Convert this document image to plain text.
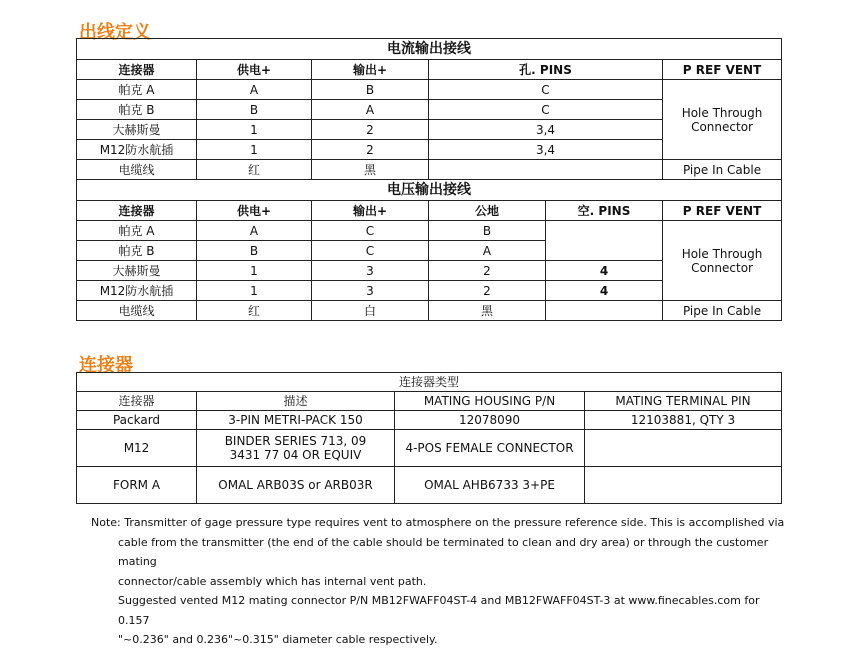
出线定义
电流输出接线					
连接器	供电+	输出+	孔. PINS		P REF VENT
帕克 A	A	B	C		Hole Through Connector
帕克 B	B	A	C		
大赫斯曼	1	2	3,4		
M12防水航插	1	2	3,4		
电缆线	红	黑			Pipe In Cable
电压输出接线					
连接器	供电+	输出+	公地	空. PINS	P REF VENT
帕克 A	A	C	B		Hole Through Connector
帕克 B	B	C	A		
大赫斯曼	1	3	2	4	
M12防水航插	1	3	2	4	
电缆线	红	白	黑		Pipe In Cable
连接器
连接器类型			
连接器	描述	MATING HOUSING P/N	MATING TERMINAL PIN
Packard	3-PIN METRI-PACK 150	12078090	12103881, QTY 3
M12	BINDER SERIES 713, 09 3431 77 04 OR EQUIV	4-POS FEMALE CONNECTOR	
FORM A	OMAL ARB03S or ARB03R	OMAL AHB6733 3+PE	
Note: Transmitter of gage pressure type requires vent to atmosphere on the pressure reference side. This is accomplished via
cable from the transmitter (the end of the cable should be terminated to clean and dry area) or through the customer mating
connector/cable assembly which has internal vent path.
Suggested vented M12 mating connector P/N MB12FWAFF04ST-4 and MB12FWAFF04ST-3 at www.finecables.com for 0.157
"~0.236" and 0.236"~0.315" diameter cable respectively.
